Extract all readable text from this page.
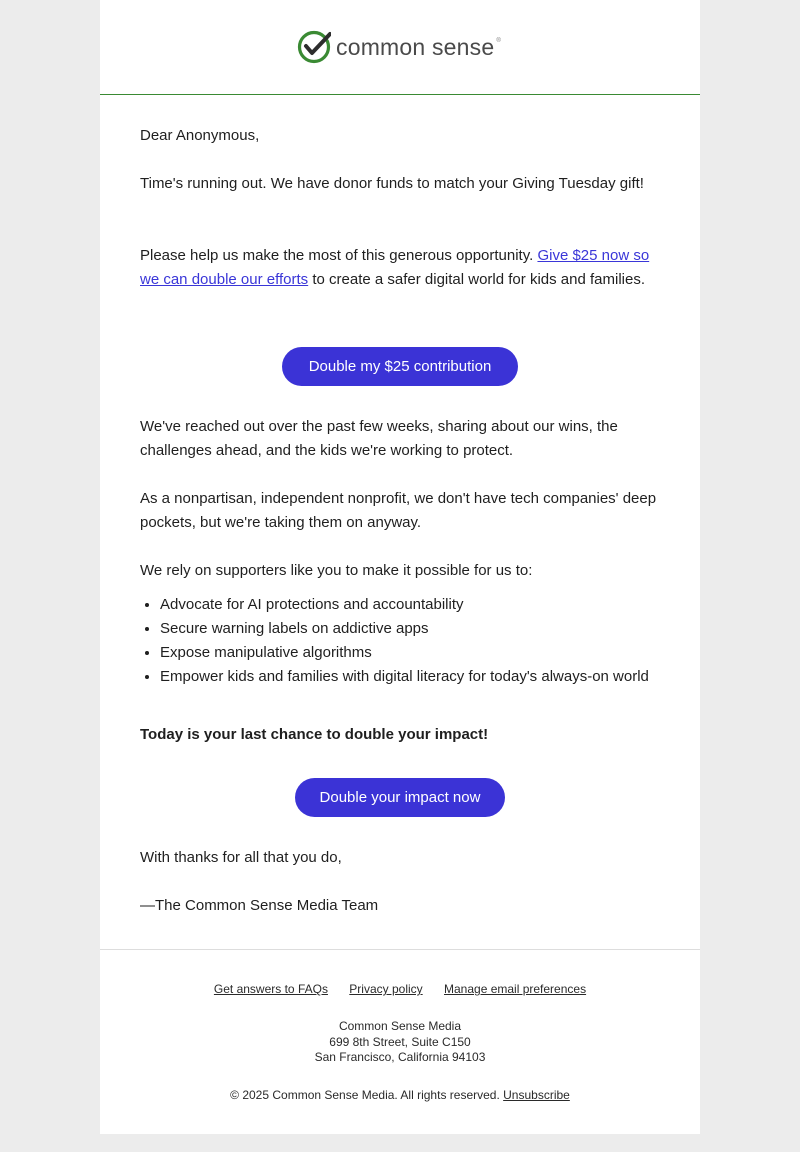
common sense ®

Dear Anonymous,

Time's running out. We have donor funds to match your Giving Tuesday gift!

Please help us make the most of this generous opportunity. Give $25 now so we can double our efforts to create a safer digital world for kids and families.

Double my $25 contribution

We've reached out over the past few weeks, sharing about our wins, the challenges ahead, and the kids we're working to protect.

As a nonpartisan, independent nonprofit, we don't have tech companies' deep pockets, but we're taking them on anyway.

We rely on supporters like you to make it possible for us to:

• Advocate for AI protections and accountability
• Secure warning labels on addictive apps
• Expose manipulative algorithms
• Empower kids and families with digital literacy for today's always-on world

Today is your last chance to double your impact!

Double your impact now

With thanks for all that you do,

—The Common Sense Media Team

Get answers to FAQs Privacy policy Manage email preferences
Common Sense Media
699 8th Street, Suite C150
San Francisco, California 94103
© 2025 Common Sense Media. All rights reserved. Unsubscribe
